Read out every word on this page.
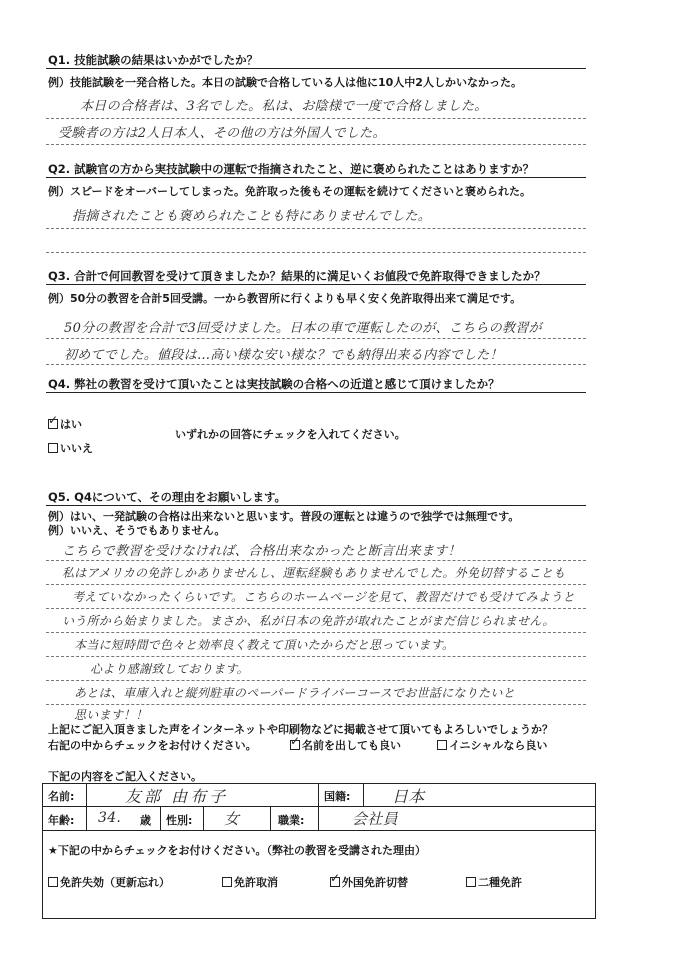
Q1. 技能試験の結果はいかがでしたか？
例）技能試験を一発合格した。本日の試験で合格している人は他に10人中2人しかいなかった。
本日の合格者は、3名でした。私は、お陰様で一度で合格しました。
受験者の方は2人日本人、その他の方は外国人でした。
Q2. 試験官の方から実技試験中の運転で指摘されたこと、逆に褒められたことはありますか？
例）スピードをオーバーしてしまった。免許取った後もその運転を続けてくださいと褒められた。
指摘されたことも褒められたことも特にありませんでした。
Q3. 合計で何回教習を受けて頂きましたか？結果的に満足いくお値段で免許取得できましたか？
例）50分の教習を合計5回受講。一から教習所に行くよりも早く安く免許取得出来て満足です。
50分の教習を合計で3回受けました。日本の車で運転したのが、こちらの教習が
初めてでした。値段は…高い様な安い様な？でも納得出来る内容でした！
Q4. 弊社の教習を受けて頂いたことは実技試験の合格への近道と感じて頂けましたか？
✓はい
いいえ
いずれかの回答にチェックを入れてください。
Q5. Q4について、その理由をお願いします。
例）はい、一発試験の合格は出来ないと思います。普段の運転とは違うので独学では無理です。
例）いいえ、そうでもありません。
こちらで教習を受けなければ、合格出来なかったと断言出来ます！
私はアメリカの免許しかありませんし、運転経験もありませんでした。外免切替することも
考えていなかったくらいです。こちらのホームページを見て、教習だけでも受けてみようと
いう所から始まりました。まさか、私が日本の免許が取れたことがまだ信じられません。
本当に短時間で色々と効率良く教えて頂いたからだと思っています。
心より感謝致しております。
あとは、車庫入れと縦列駐車のペーパードライバーコースでお世話になりたいと
思います！！
上記にご記入頂きました声をインターネットや印刷物などに掲載させて頂いてもよろしいでしょうか？
右記の中からチェックをお付けください。 ✓	名前を出しても良い	イニシャルなら良い
下記の内容をご記入ください。
名前:	友部 由布子	国籍:	日本
年齢: 34. 歳 性別: 女	職業:	会社員
★下記の中からチェックをお付けください。（弊社の教習を受講された理由）
免許失効（更新忘れ）	免許取消 ✓	外国免許切替	二種免許
